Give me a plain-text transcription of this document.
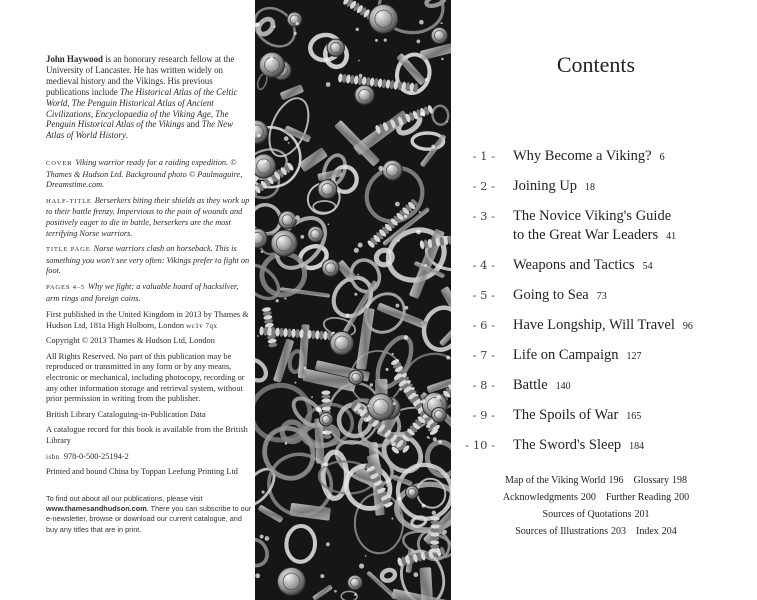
John Haywood is an honorary research fellow at the University of Lancaster. He has written widely on medieval history and the Vikings. His previous publications include The Historical Atlas of the Celtic World, The Penguin Historical Atlas of Ancient Civilizations, Encyclopaedia of the Viking Age, The Penguin Historical Atlas of the Vikings and The New Atlas of World History.

COVER Viking warrior ready for a raiding expedition. © Thames & Hudson Ltd. Background photo © Paulmaguire, Dreamstime.com.

HALF-TITLE Berserkers biting their shields as they work up to their battle frenzy. Impervious to the pain of wounds and positively eager to die in battle, berserkers are the most terrifying Norse warriors.

TITLE PAGE Norse warriors clash on horseback. This is something you won't see very often: Vikings prefer to fight on foot.

PAGES 4–5 Why we fight: a valuable hoard of hacksilver, arm rings and foreign coins.

First published in the United Kingdom in 2013 by Thames & Hudson Ltd, 181a High Holborn, London wc1v 7qx

Copyright © 2013 Thames & Hudson Ltd, London

All Rights Reserved. No part of this publication may be reproduced or transmitted in any form or by any means, electronic or mechanical, including photocopy, recording or any other information storage and retrieval system, without prior permission in writing from the publisher.

British Library Cataloguing-in-Publication Data

A catalogue record for this book is available from the British Library

isbn 978-0-500-25194-2

Printed and bound China by Toppan Leefung Printing Ltd

To find out about all our publications, please visit www.thamesandhudson.com. There you can subscribe to our e-newsletter, browse or download our current catalogue, and buy any titles that are in print.
Contents
- 1 - Why Become a Viking? 6
- 2 - Joining Up 18
- 3 - The Novice Viking's Guide
to the Great War Leaders 41
- 4 - Weapons and Tactics 54
- 5 - Going to Sea 73
- 6 - Have Longship, Will Travel 96
- 7 - Life on Campaign 127
- 8 - Battle 140
- 9 - The Spoils of War 165
- 10 - The Sword's Sleep 184
Map of the Viking World 196 Glossary 198
Acknowledgments 200 Further Reading 200
Sources of Quotations 201
Sources of Illustrations 203 Index 204
